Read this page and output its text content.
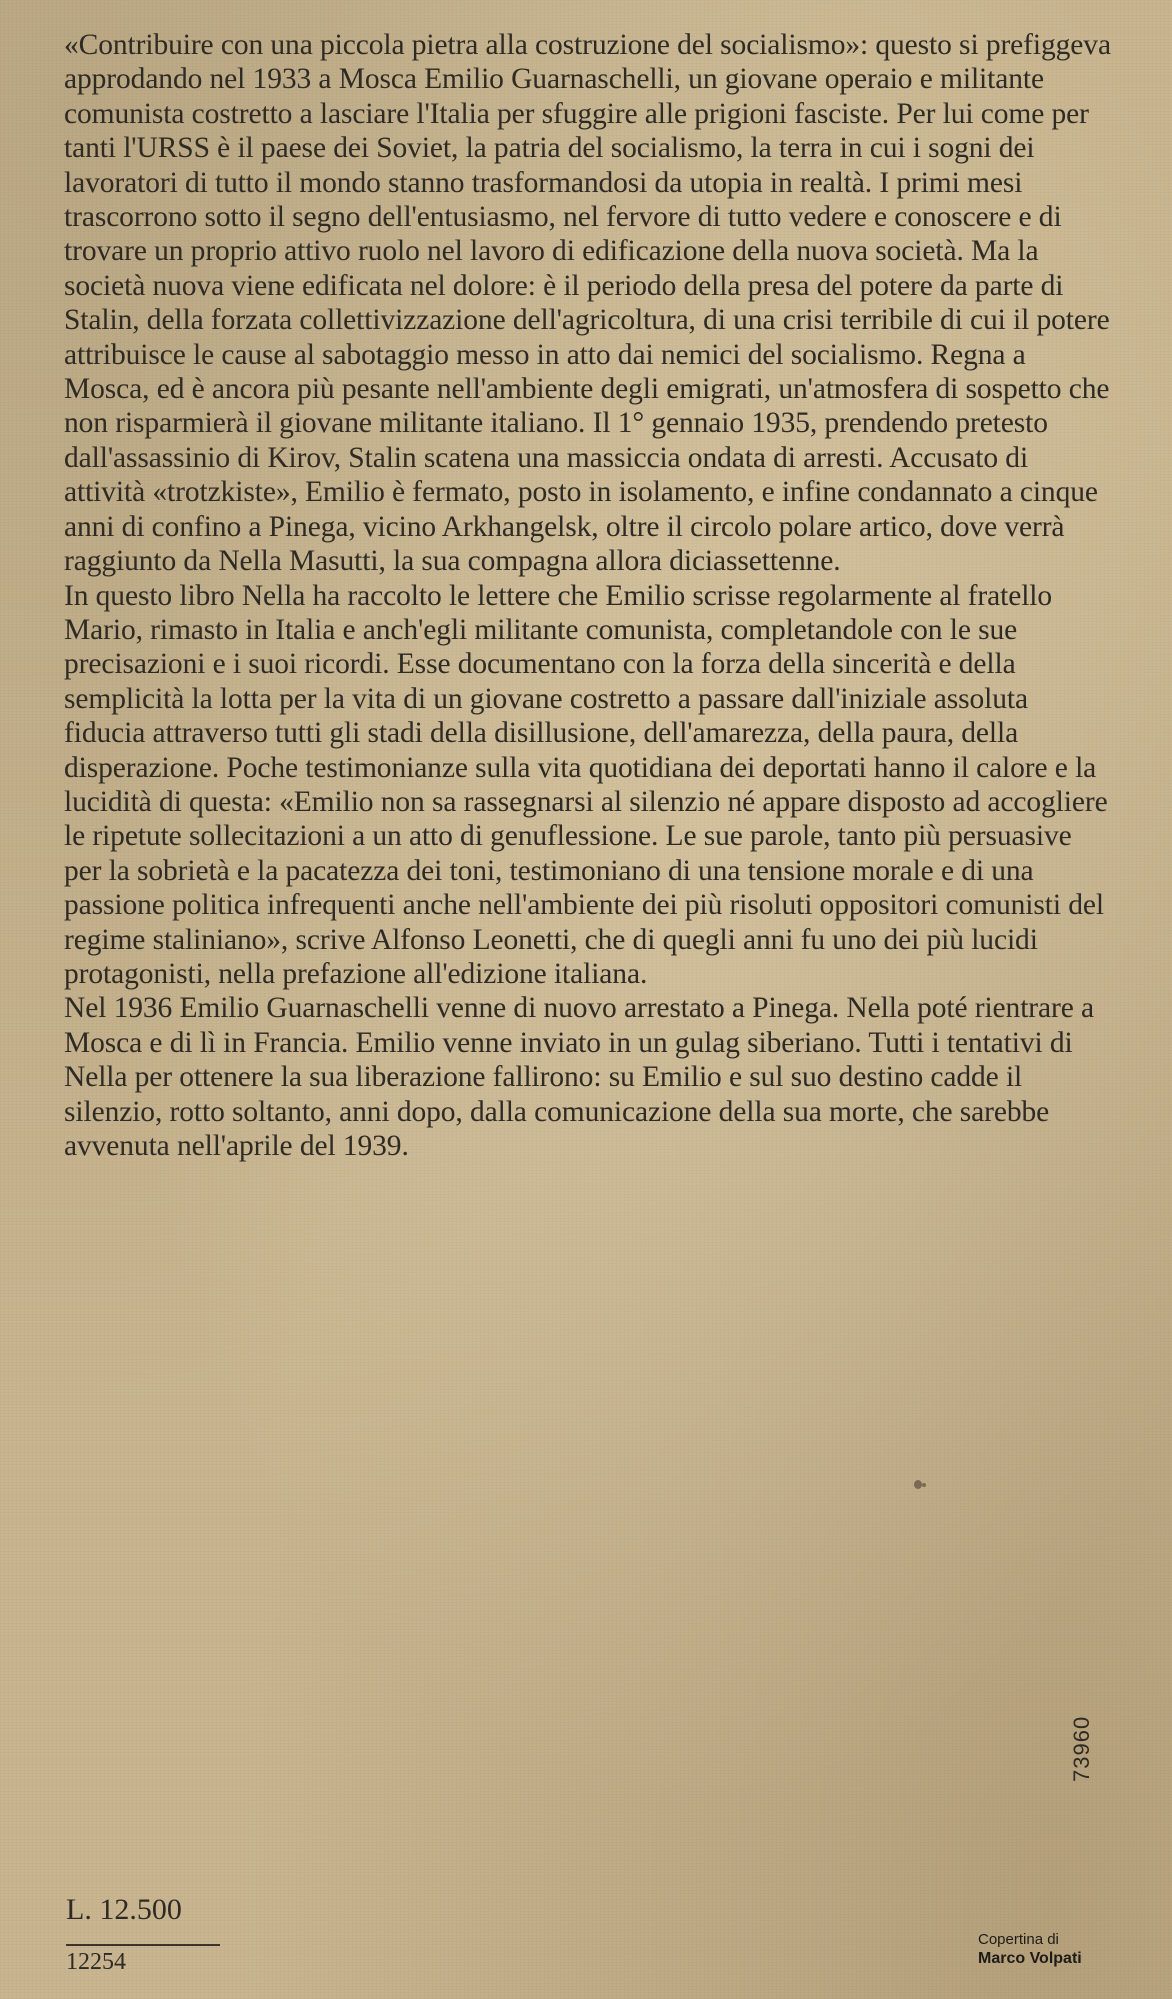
«Contribuire con una piccola pietra alla costruzione del socialismo»: questo si prefiggeva approdando nel 1933 a Mosca Emilio Guarnaschelli, un giovane operaio e militante comunista costretto a lasciare l'Italia per sfuggire alle prigioni fasciste. Per lui come per tanti l'URSS è il paese dei Soviet, la patria del socialismo, la terra in cui i sogni dei lavoratori di tutto il mondo stanno trasformandosi da utopia in realtà. I primi mesi trascorrono sotto il segno dell'entusiasmo, nel fervore di tutto vedere e conoscere e di trovare un proprio attivo ruolo nel lavoro di edificazione della nuova società. Ma la società nuova viene edificata nel dolore: è il periodo della presa del potere da parte di Stalin, della forzata collettivizzazione dell'agricoltura, di una crisi terribile di cui il potere attribuisce le cause al sabotaggio messo in atto dai nemici del socialismo. Regna a Mosca, ed è ancora più pesante nell'ambiente degli emigrati, un'atmosfera di sospetto che non risparmierà il giovane militante italiano. Il 1° gennaio 1935, prendendo pretesto dall'assassinio di Kirov, Stalin scatena una massiccia ondata di arresti. Accusato di attività «trotzkiste», Emilio è fermato, posto in isolamento, e infine condannato a cinque anni di confino a Pinega, vicino Arkhangelsk, oltre il circolo polare artico, dove verrà raggiunto da Nella Masutti, la sua compagna allora diciassettenne.

In questo libro Nella ha raccolto le lettere che Emilio scrisse regolarmente al fratello Mario, rimasto in Italia e anch'egli militante comunista, completandole con le sue precisazioni e i suoi ricordi. Esse documentano con la forza della sincerità e della semplicità la lotta per la vita di un giovane costretto a passare dall'iniziale assoluta fiducia attraverso tutti gli stadi della disillusione, dell'amarezza, della paura, della disperazione. Poche testimonianze sulla vita quotidiana dei deportati hanno il calore e la lucidità di questa: «Emilio non sa rassegnarsi al silenzio né appare disposto ad accogliere le ripetute sollecitazioni a un atto di genuflessione. Le sue parole, tanto più persuasive per la sobrietà e la pacatezza dei toni, testimoniano di una tensione morale e di una passione politica infrequenti anche nell'ambiente dei più risoluti oppositori comunisti del regime staliniano», scrive Alfonso Leonetti, che di quegli anni fu uno dei più lucidi protagonisti, nella prefazione all'edizione italiana.

Nel 1936 Emilio Guarnaschelli venne di nuovo arrestato a Pinega. Nella poté rientrare a Mosca e di lì in Francia. Emilio venne inviato in un gulag siberiano. Tutti i tentativi di Nella per ottenere la sua liberazione fallirono: su Emilio e sul suo destino cadde il silenzio, rotto soltanto, anni dopo, dalla comunicazione della sua morte, che sarebbe avvenuta nell'aprile del 1939.

73960
L. 12.500
12254
Copertina di
Marco Volpati
